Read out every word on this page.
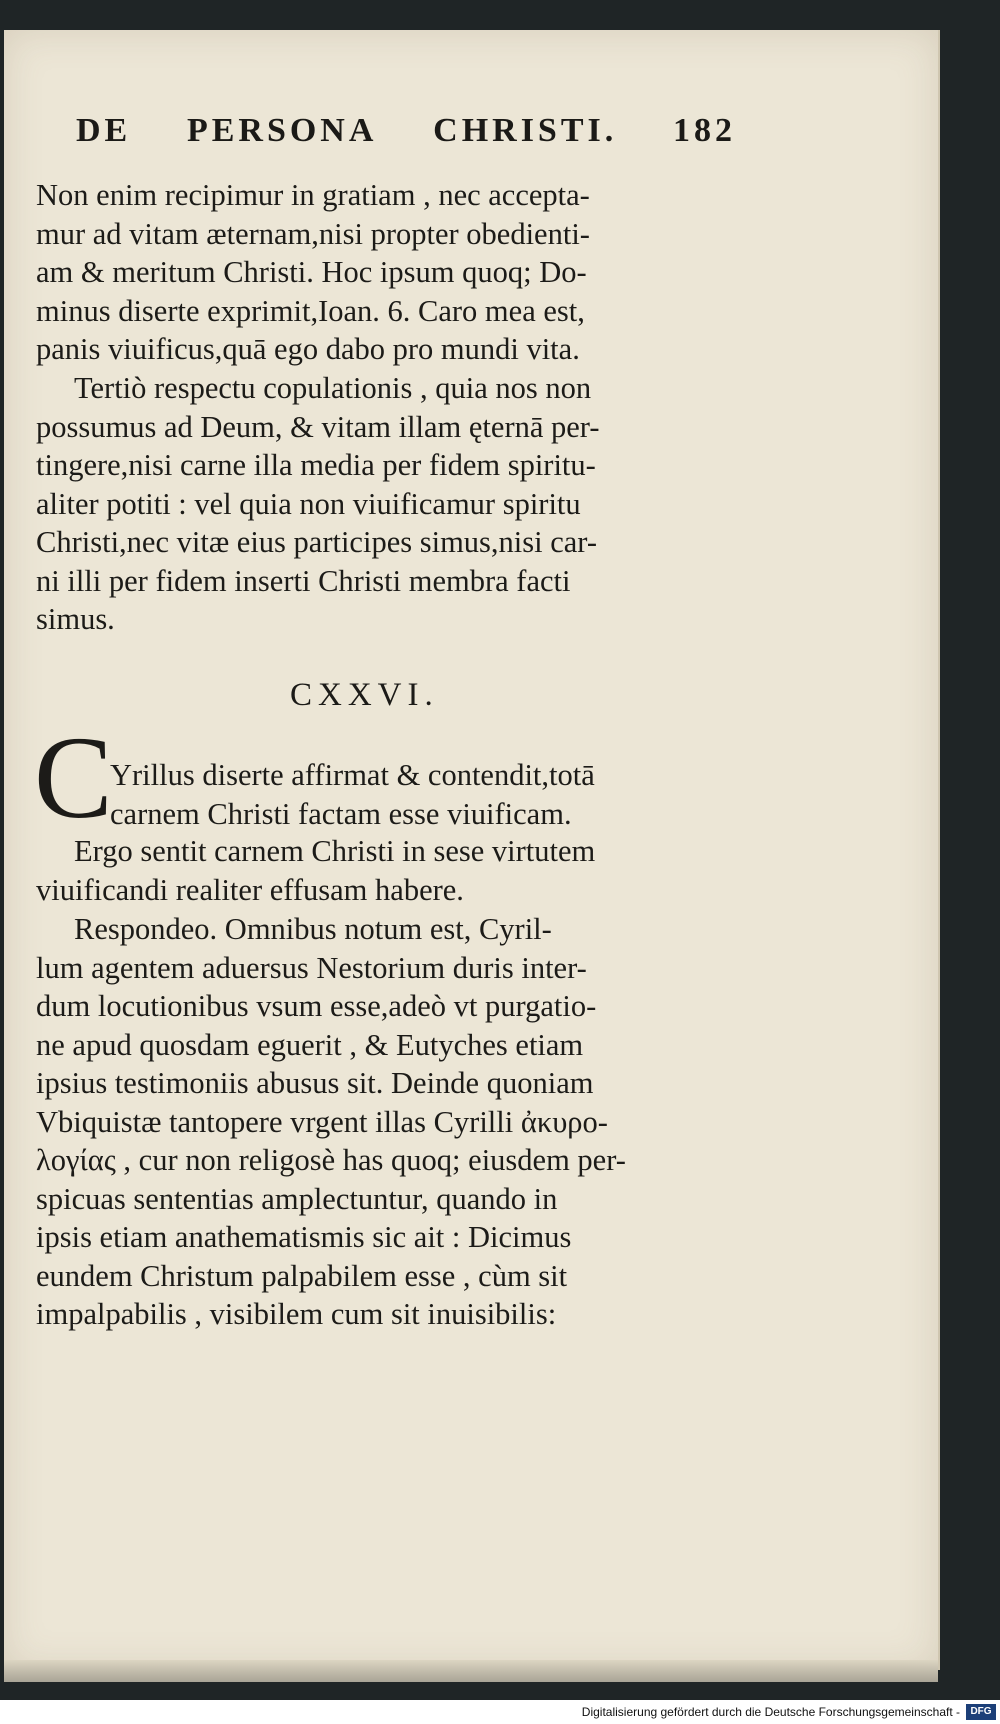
DE PERSONA CHRISTI. 182
Non enim recipimur in gratiam , nec accepta-
mur ad vitam æternam,nisi propter obedienti-
am & meritum Christi. Hoc ipsum quoq; Do-
minus diserte exprimit,Ioan. 6. Caro mea est,
panis viuificus,quā ego dabo pro mundi vita.
Tertiò respectu copulationis , quia nos non
possumus ad Deum, & vitam illam ęternā per-
tingere,nisi carne illa media per fidem spiritu-
aliter potiti : vel quia non viuificamur spiritu
Christi,nec vitæ eius participes simus,nisi car-
ni illi per fidem inserti Christi membra facti
simus.
CXXVI.
C
Yrillus diserte affirmat & contendit,totā
carnem Christi factam esse viuificam.
Ergo sentit carnem Christi in sese virtutem
viuificandi realiter effusam habere.
Respondeo. Omnibus notum est, Cyril-
lum agentem aduersus Nestorium duris inter-
dum locutionibus vsum esse,adeò vt purgatio-
ne apud quosdam eguerit , & Eutyches etiam
ipsius testimoniis abusus sit. Deinde quoniam
Vbiquistæ tantopere vrgent illas Cyrilli ἀκυρο-
λογίας , cur non religosè has quoq; eiusdem per-
spicuas sententias amplectuntur, quando in
ipsis etiam anathematismis sic ait : Dicimus
eundem Christum palpabilem esse , cùm sit
impalpabilis , visibilem cum sit inuisibilis:
Digitalisierung gefördert durch die Deutsche Forschungsgemeinschaft -	DFG
